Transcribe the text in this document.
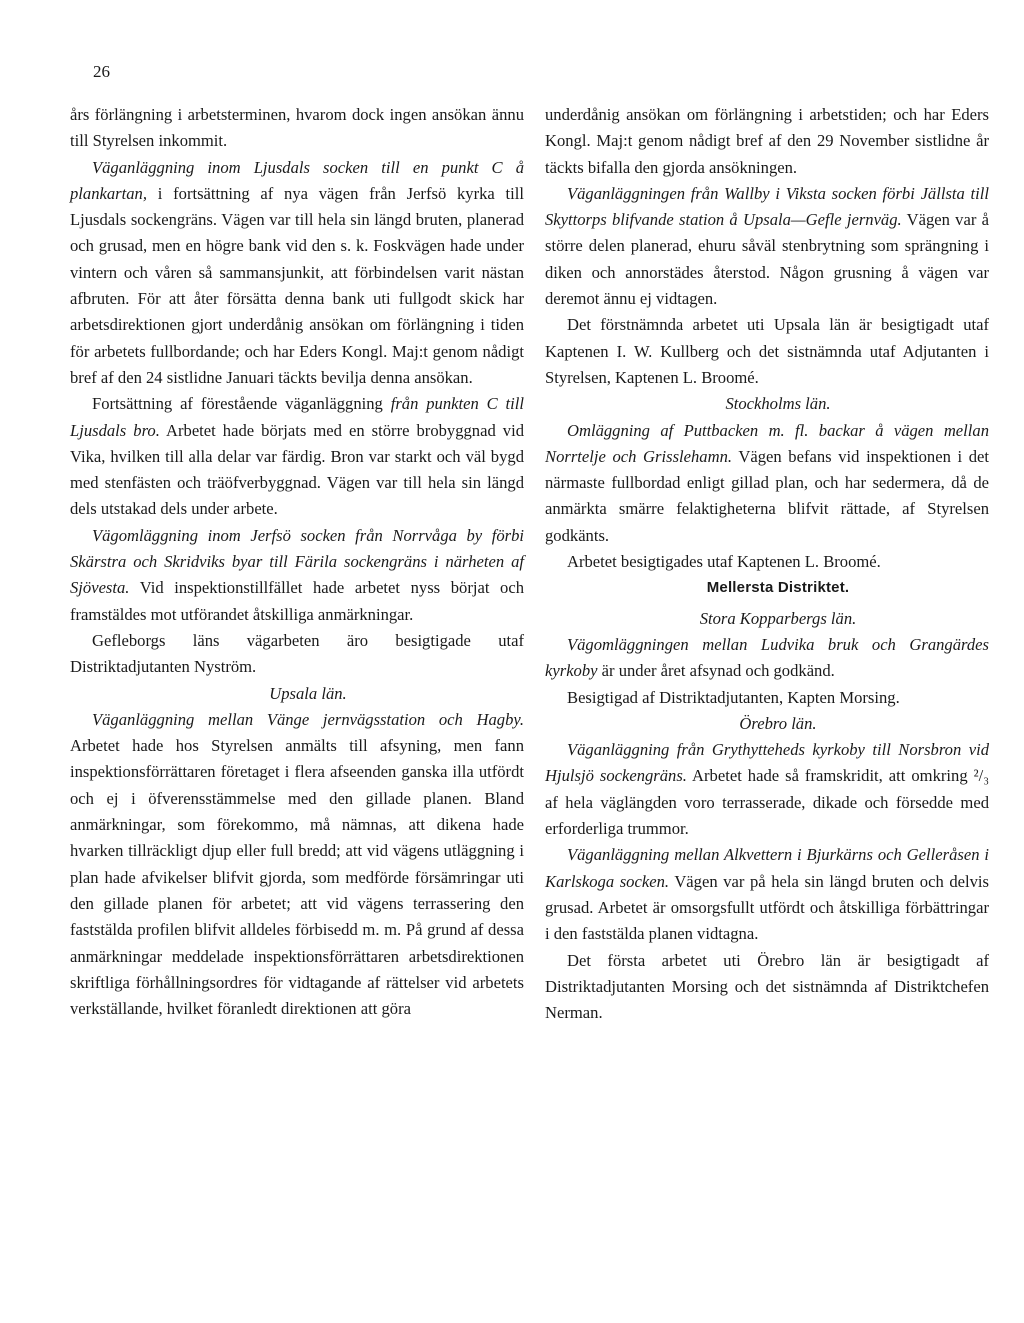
26

års förlängning i arbetsterminen, hvarom dock ingen ansökan ännu till Styrelsen inkommit.

Väganläggning inom Ljusdals socken till en punkt C å plankartan, i fortsättning af nya vägen från Jerfsö kyrka till Ljusdals sockengräns. Vägen var till hela sin längd bruten, planerad och grusad, men en högre bank vid den s. k. Foskvägen hade under vintern och våren så sammansjunkit, att förbindelsen varit nästan afbruten. För att åter försätta denna bank uti fullgodt skick har arbetsdirektionen gjort underdånig ansökan om förlängning i tiden för arbetets fullbordande; och har Eders Kongl. Maj:t genom nådigt bref af den 24 sistlidne Januari täckts bevilja denna ansökan.

Fortsättning af förestående väganläggning från punkten C till Ljusdals bro. Arbetet hade börjats med en större brobyggnad vid Vika, hvilken till alla delar var färdig. Bron var starkt och väl bygd med stenfästen och träöfverbyggnad. Vägen var till hela sin längd dels utstakad dels under arbete.

Vägomläggning inom Jerfsö socken från Norrvåga by förbi Skärstra och Skridviks byar till Färila sockengräns i närheten af Sjövesta. Vid inspektionstillfället hade arbetet nyss börjat och framstäldes mot utförandet åtskilliga anmärkningar.

Gefleborgs läns vägarbeten äro besigtigade utaf Distriktadjutanten Nyström.

Upsala län.

Väganläggning mellan Vänge jernvägsstation och Hagby. Arbetet hade hos Styrelsen anmälts till afsyning, men fann inspektionsförrättaren företaget i flera afseenden ganska illa utfördt och ej i öfverensstämmelse med den gillade planen. Bland anmärkningar, som förekommo, må nämnas, att dikena hade hvarken tillräckligt djup eller full bredd; att vid vägens utläggning i plan hade afvikelser blifvit gjorda, som medförde försämringar uti den gillade planen för arbetet; att vid vägens terrassering den faststälda profilen blifvit alldeles förbisedd m. m. På grund af dessa anmärkningar meddelade inspektionsförrättaren arbetsdirektionen skriftliga förhållningsordres för vidtagande af rättelser vid arbetets verkställande, hvilket föranledt direktionen att göra

underdånig ansökan om förlängning i arbetstiden; och har Eders Kongl. Maj:t genom nådigt bref af den 29 November sistlidne år täckts bifalla den gjorda ansökningen.

Väganläggningen från Wallby i Viksta socken förbi Jällsta till Skyttorps blifvande station å Upsala—Gefle jernväg. Vägen var å större delen planerad, ehuru såväl stenbrytning som sprängning i diken och annorstädes återstod. Någon grusning å vägen var deremot ännu ej vidtagen.

Det förstnämnda arbetet uti Upsala län är besigtigadt utaf Kaptenen I. W. Kullberg och det sistnämnda utaf Adjutanten i Styrelsen, Kaptenen L. Broomé.

Stockholms län.

Omläggning af Puttbacken m. fl. backar å vägen mellan Norrtelje och Grisslehamn. Vägen befans vid inspektionen i det närmaste fullbordad enligt gillad plan, och har sedermera, då de anmärkta smärre felaktigheterna blifvit rättade, af Styrelsen godkänts.

Arbetet besigtigades utaf Kaptenen L. Broomé.

Mellersta Distriktet.

Stora Kopparbergs län.

Vägomläggningen mellan Ludvika bruk och Grangärdes kyrkoby är under året afsynad och godkänd.

Besigtigad af Distriktadjutanten, Kapten Morsing.

Örebro län.

Väganläggning från Grythytteheds kyrkoby till Norsbron vid Hjulsjö sockengräns. Arbetet hade så framskridit, att omkring ²/₃ af hela väglängden voro terrasserade, dikade och försedde med erforderliga trummor.

Väganläggning mellan Alkvettern i Bjurkärns och Gelleråsen i Karlskoga socken. Vägen var på hela sin längd bruten och delvis grusad. Arbetet är omsorgsfullt utfördt och åtskilliga förbättringar i den faststälda planen vidtagna.

Det första arbetet uti Örebro län är besigtigadt af Distriktadjutanten Morsing och det sistnämnda af Distriktchefen Nerman.
